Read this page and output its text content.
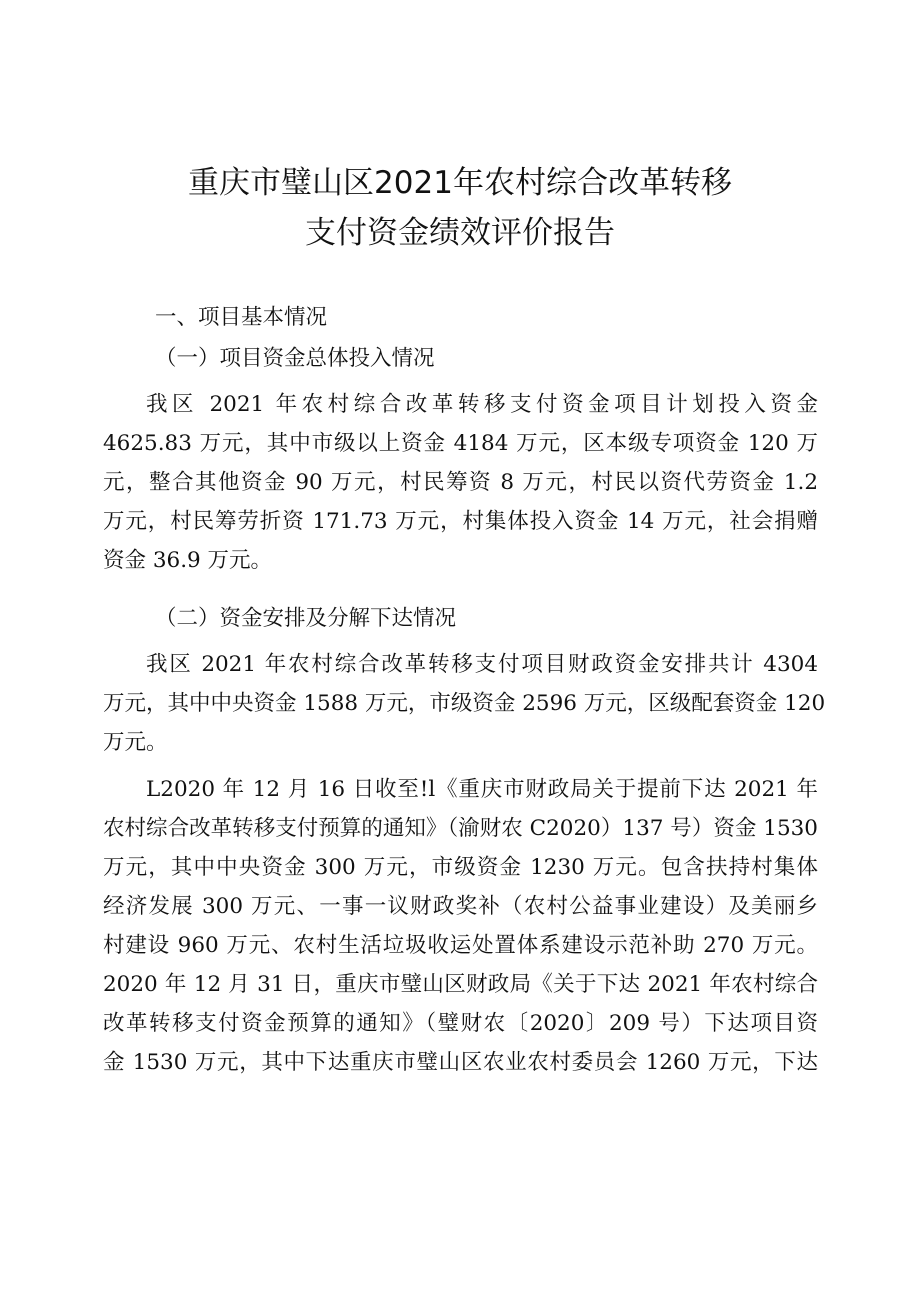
重庆市璧山区2021年农村综合改革转移
支付资金绩效评价报告
一、项目基本情况
（一）项目资金总体投入情况
我区 2021 年农村综合改革转移支付资金项目计划投入资金
4625.83 万元，其中市级以上资金 4184 万元，区本级专项资金 120 万
元，整合其他资金 90 万元，村民筹资 8 万元，村民以资代劳资金 1.2
万元，村民筹劳折资 171.73 万元，村集体投入资金 14 万元，社会捐赠
资金 36.9 万元。
（二）资金安排及分解下达情况
我区 2021 年农村综合改革转移支付项目财政资金安排共计 4304
万元，其中中央资金 1588 万元，市级资金 2596 万元，区级配套资金 120
万元。
L2020 年 12 月 16 日收至!l《重庆市财政局关于提前下达 2021 年
农村综合改革转移支付预算的通知》（渝财农 C2020）137 号）资金 1530
万元，其中中央资金 300 万元，市级资金 1230 万元。包含扶持村集体
经济发展 300 万元、一事一议财政奖补（农村公益事业建设）及美丽乡
村建设 960 万元、农村生活垃圾收运处置体系建设示范补助 270 万元。
2020 年 12 月 31 日，重庆市璧山区财政局《关于下达 2021 年农村综合
改革转移支付资金预算的通知》（璧财农〔2020〕209 号）下达项目资
金 1530 万元，其中下达重庆市璧山区农业农村委员会 1260 万元，下达
